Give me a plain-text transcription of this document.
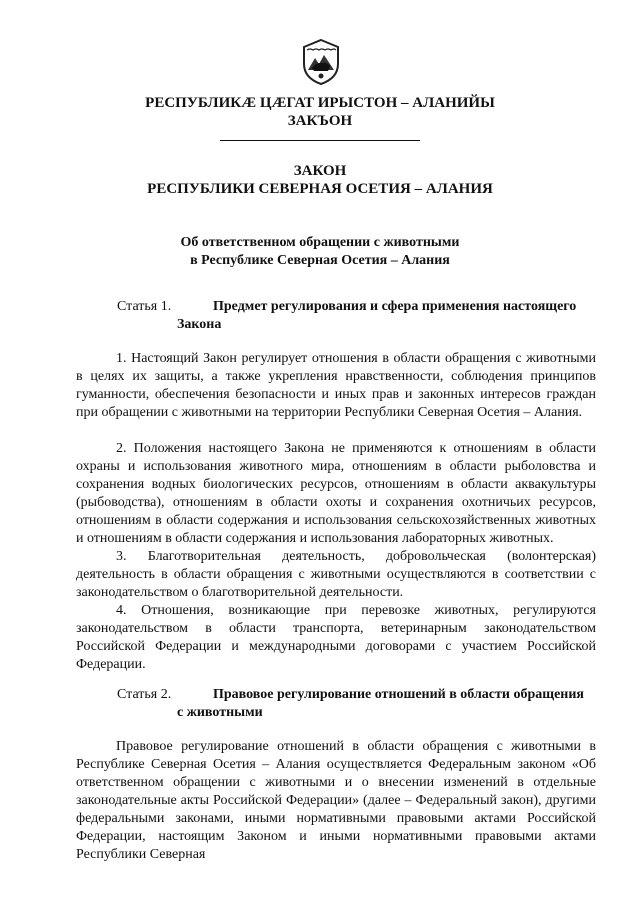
РЕСПУБЛИКÆ ЦÆГАТ ИРЫСТОН – АЛАНИЙЫ
ЗАКЪОН
ЗАКОН
РЕСПУБЛИКИ СЕВЕРНАЯ ОСЕТИЯ – АЛАНИЯ
Об ответственном обращении с животными
в Республике Северная Осетия – Алания
Статья 1.	Предмет регулирования и сфера применения настоящего
Закона

1. Настоящий Закон регулирует отношения в области обращения с животными в целях их защиты, а также укрепления нравственности, соблюдения принципов гуманности, обеспечения безопасности и иных прав и законных интересов граждан при обращении с животными на территории Республики Северная Осетия – Алания.

2. Положения настоящего Закона не применяются к отношениям в области охраны и использования животного мира, отношениям в области рыболовства и сохранения водных биологических ресурсов, отношениям в области аквакультуры (рыбоводства), отношениям в области охоты и сохранения охотничьих ресурсов, отношениям в области содержания и использования сельскохозяйственных животных и отношениям в области содержания и использования лабораторных животных.

3. Благотворительная деятельность, добровольческая (волонтерская) деятельность в области обращения с животными осуществляются в соответствии с законодательством о благотворительной деятельности.

4. Отношения, возникающие при перевозке животных, регулируются законодательством в области транспорта, ветеринарным законодательством Российской Федерации и международными договорами с участием Российской Федерации.

Статья 2.	Правовое регулирование отношений в области обращения
с животными

Правовое регулирование отношений в области обращения с животными в Республике Северная Осетия – Алания осуществляется Федеральным законом «Об ответственном обращении с животными и о внесении изменений в отдельные законодательные акты Российской Федерации» (далее – Федеральный закон), другими федеральными законами, иными нормативными правовыми актами Российской Федерации, настоящим Законом и иными нормативными правовыми актами Республики Северная
